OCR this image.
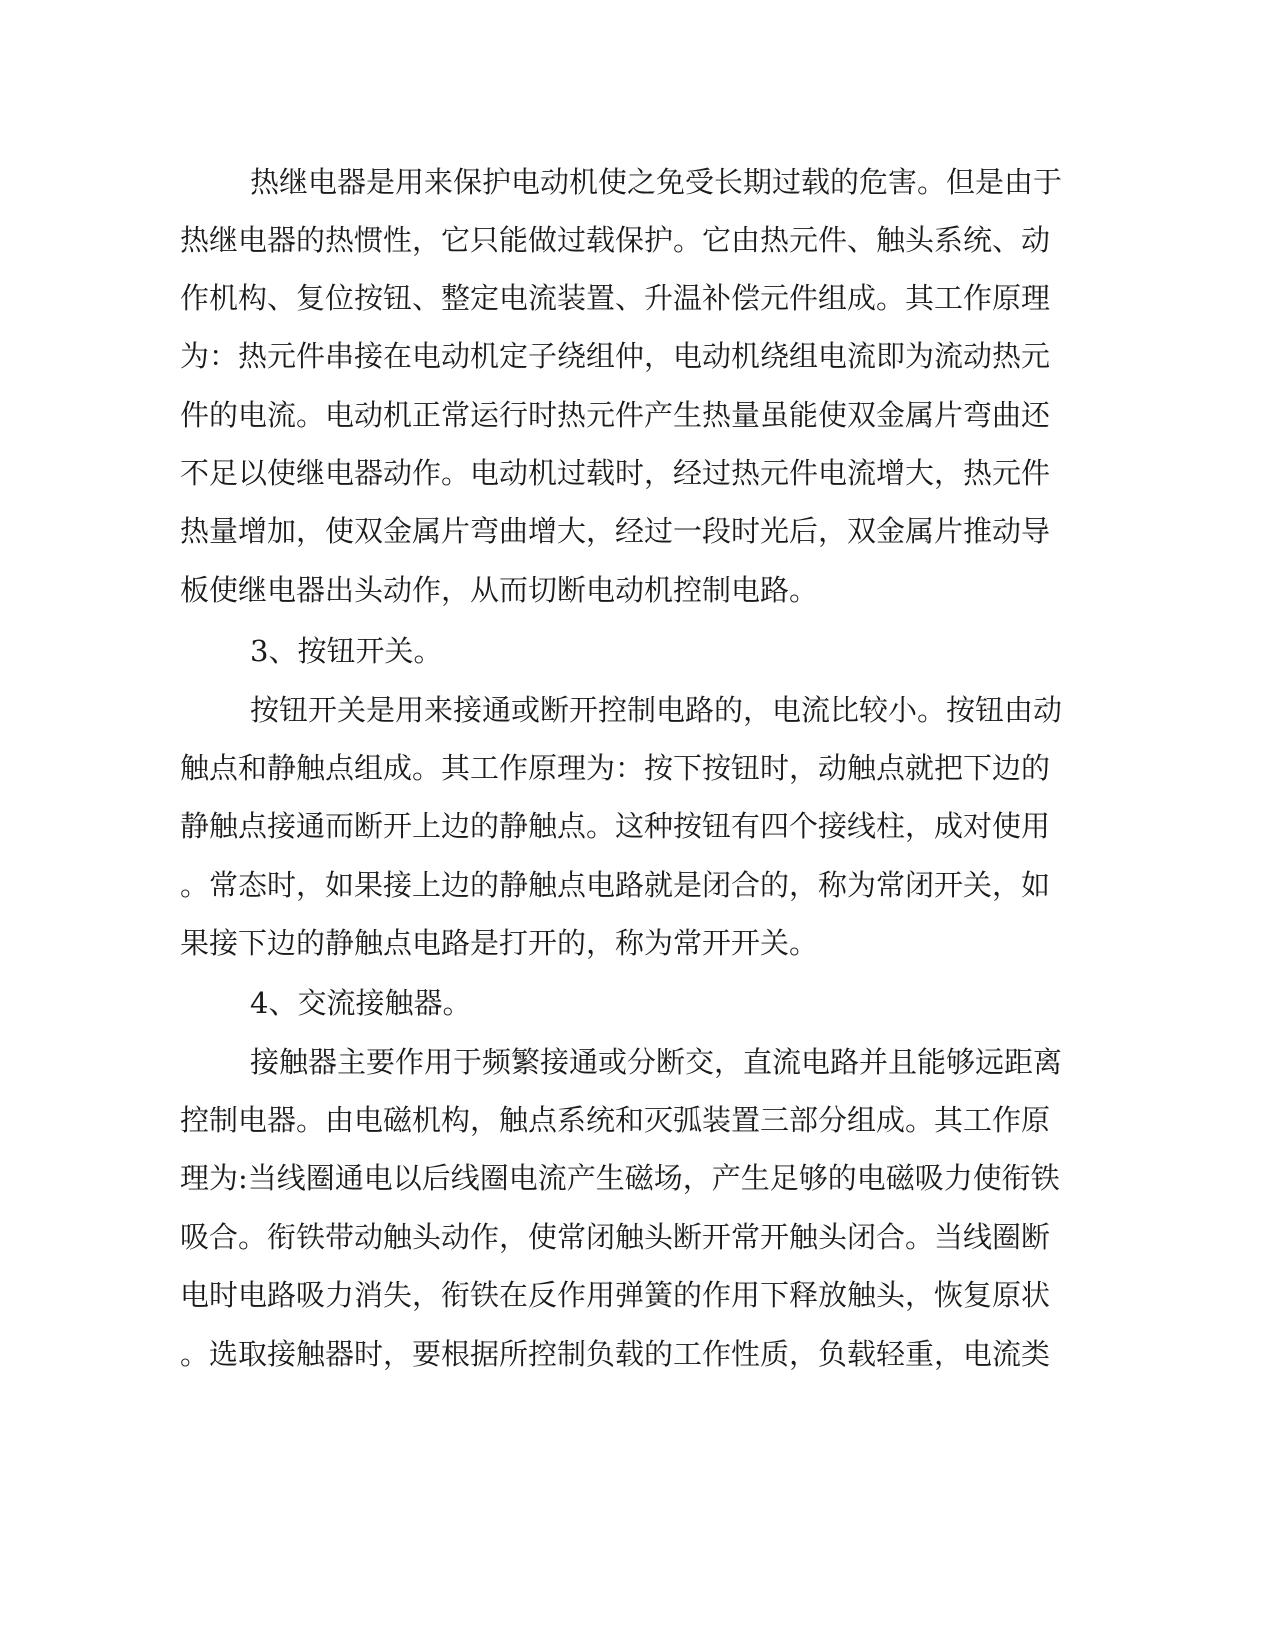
热继电器是用来保护电动机使之免受长期过载的危害。但是由于
热继电器的热惯性，它只能做过载保护。它由热元件、触头系统、动
作机构、复位按钮、整定电流装置、升温补偿元件组成。其工作原理
为：热元件串接在电动机定子绕组仲，电动机绕组电流即为流动热元
件的电流。电动机正常运行时热元件产生热量虽能使双金属片弯曲还
不足以使继电器动作。电动机过载时，经过热元件电流增大，热元件
热量增加，使双金属片弯曲增大，经过一段时光后，双金属片推动导
板使继电器出头动作，从而切断电动机控制电路。
3、按钮开关。
按钮开关是用来接通或断开控制电路的，电流比较小。按钮由动
触点和静触点组成。其工作原理为：按下按钮时，动触点就把下边的
静触点接通而断开上边的静触点。这种按钮有四个接线柱，成对使用
。常态时，如果接上边的静触点电路就是闭合的，称为常闭开关，如
果接下边的静触点电路是打开的，称为常开开关。
4、交流接触器。
接触器主要作用于频繁接通或分断交，直流电路并且能够远距离
控制电器。由电磁机构，触点系统和灭弧装置三部分组成。其工作原
理为:当线圈通电以后线圈电流产生磁场，产生足够的电磁吸力使衔铁
吸合。衔铁带动触头动作，使常闭触头断开常开触头闭合。当线圈断
电时电路吸力消失，衔铁在反作用弹簧的作用下释放触头，恢复原状
。选取接触器时，要根据所控制负载的工作性质，负载轻重，电流类
